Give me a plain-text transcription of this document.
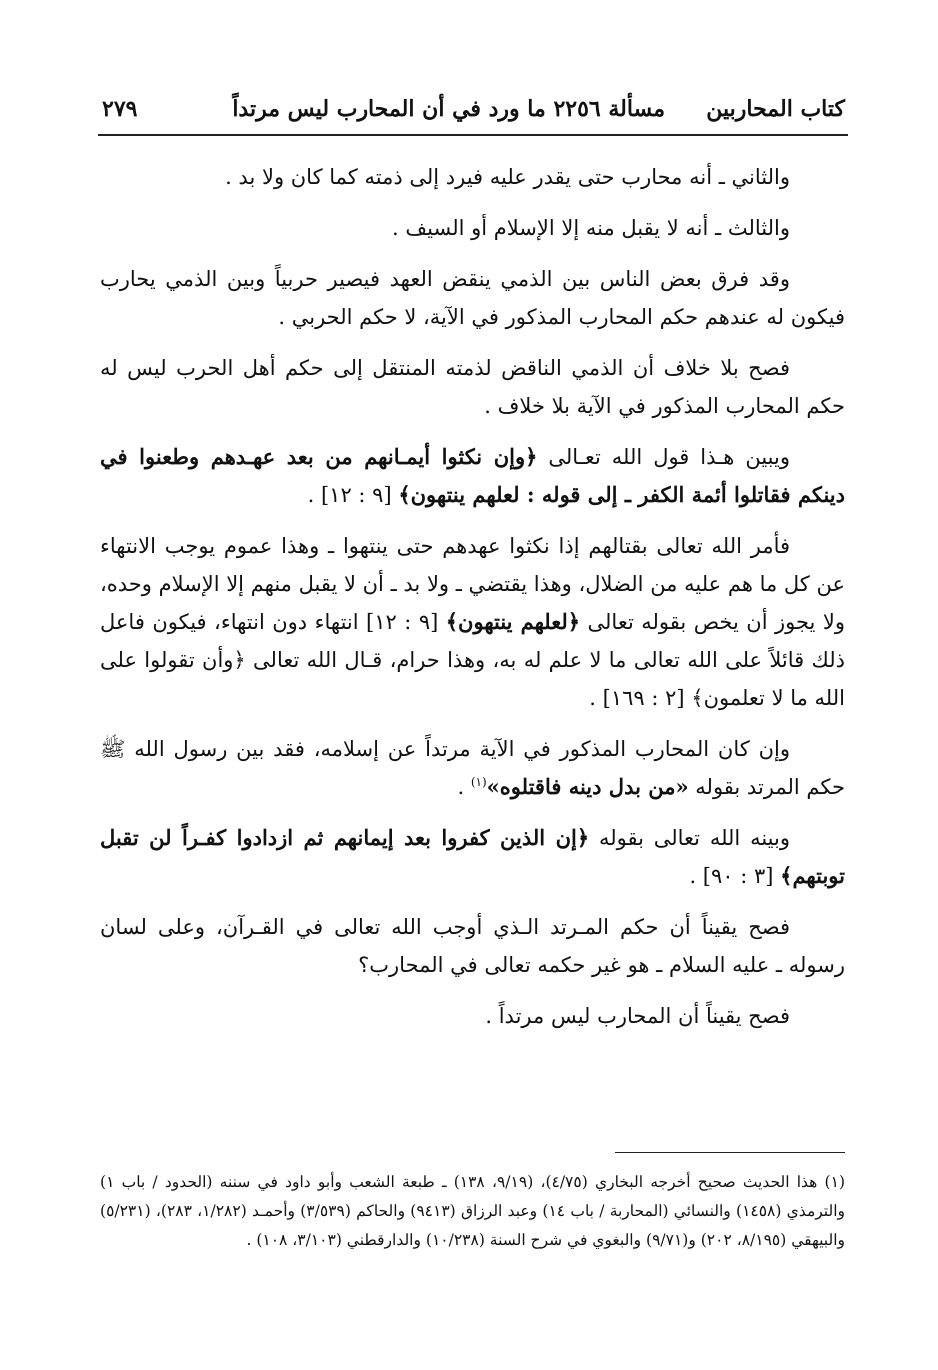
كتاب المحاربين
مسألة ٢٢٥٦ ما ورد في أن المحارب ليس مرتداً
٢٧٩

والثاني ـ أنه محارب حتى يقدر عليه فيرد إلى ذمته كما كان ولا بد .

والثالث ـ أنه لا يقبل منه إلا الإسلام أو السيف .

وقد فرق بعض الناس بين الذمي ينقض العهد فيصير حربياً وبين الذمي يحارب فيكون له عندهم حكم المحارب المذكور في الآية، لا حكم الحربي .

فصح بلا خلاف أن الذمي الناقض لذمته المنتقل إلى حكم أهل الحرب ليس له حكم المحارب المذكور في الآية بلا خلاف .

ويبين هـذا قول الله تعـالى ﴿وإن نكثوا أيمـانهم من بعد عهـدهم وطعنوا في دينكم فقاتلوا أئمة الكفر ـ إلى قوله : لعلهم ينتهون﴾ [٩ : ١٢] .

فأمر الله تعالى بقتالهم إذا نكثوا عهدهم حتى ينتهوا ـ وهذا عموم يوجب الانتهاء عن كل ما هم عليه من الضلال، وهذا يقتضي ـ ولا بد ـ أن لا يقبل منهم إلا الإسلام وحده، ولا يجوز أن يخص بقوله تعالى ﴿لعلهم ينتهون﴾ [٩ : ١٢] انتهاء دون انتهاء، فيكون فاعل ذلك قائلاً على الله تعالى ما لا علم له به، وهذا حرام، قـال الله تعالى ﴿وأن تقولوا على الله ما لا تعلمون﴾ [٢ : ١٦٩] .

وإن كان المحارب المذكور في الآية مرتداً عن إسلامه، فقد بين رسول الله ﷺ حكم المرتد بقوله «من بدل دينه فاقتلوه»$^{(١)}$ .

وبينه الله تعالى بقوله ﴿إن الذين كفروا بعد إيمانهم ثم ازدادوا كفـراً لن تقبل توبتهم﴾ [٣ : ٩٠] .

فصح يقيناً أن حكم المـرتد الـذي أوجب الله تعالى في القـرآن، وعلى لسان رسوله ـ عليه السلام ـ هو غير حكمه تعالى في المحارب؟

فصح يقيناً أن المحارب ليس مرتداً .

(١) هذا الحديث صحيح أخرجه البخاري (٤/٧٥)، (٩/١٩، ١٣٨) ـ طبعة الشعب وأبو داود في سننه (الحدود / باب ١) والترمذي (١٤٥٨) والنسائي (المحاربة / باب ١٤) وعبد الرزاق (٩٤١٣) والحاكم (٣/٥٣٩) وأحمـد (١/٢٨٢، ٢٨٣)، (٥/٢٣١) والبيهقي (٨/١٩٥، ٢٠٢) و(٩/٧١) والبغوي في شرح السنة (١٠/٢٣٨) والدارقطني (٣/١٠٣، ١٠٨) .
